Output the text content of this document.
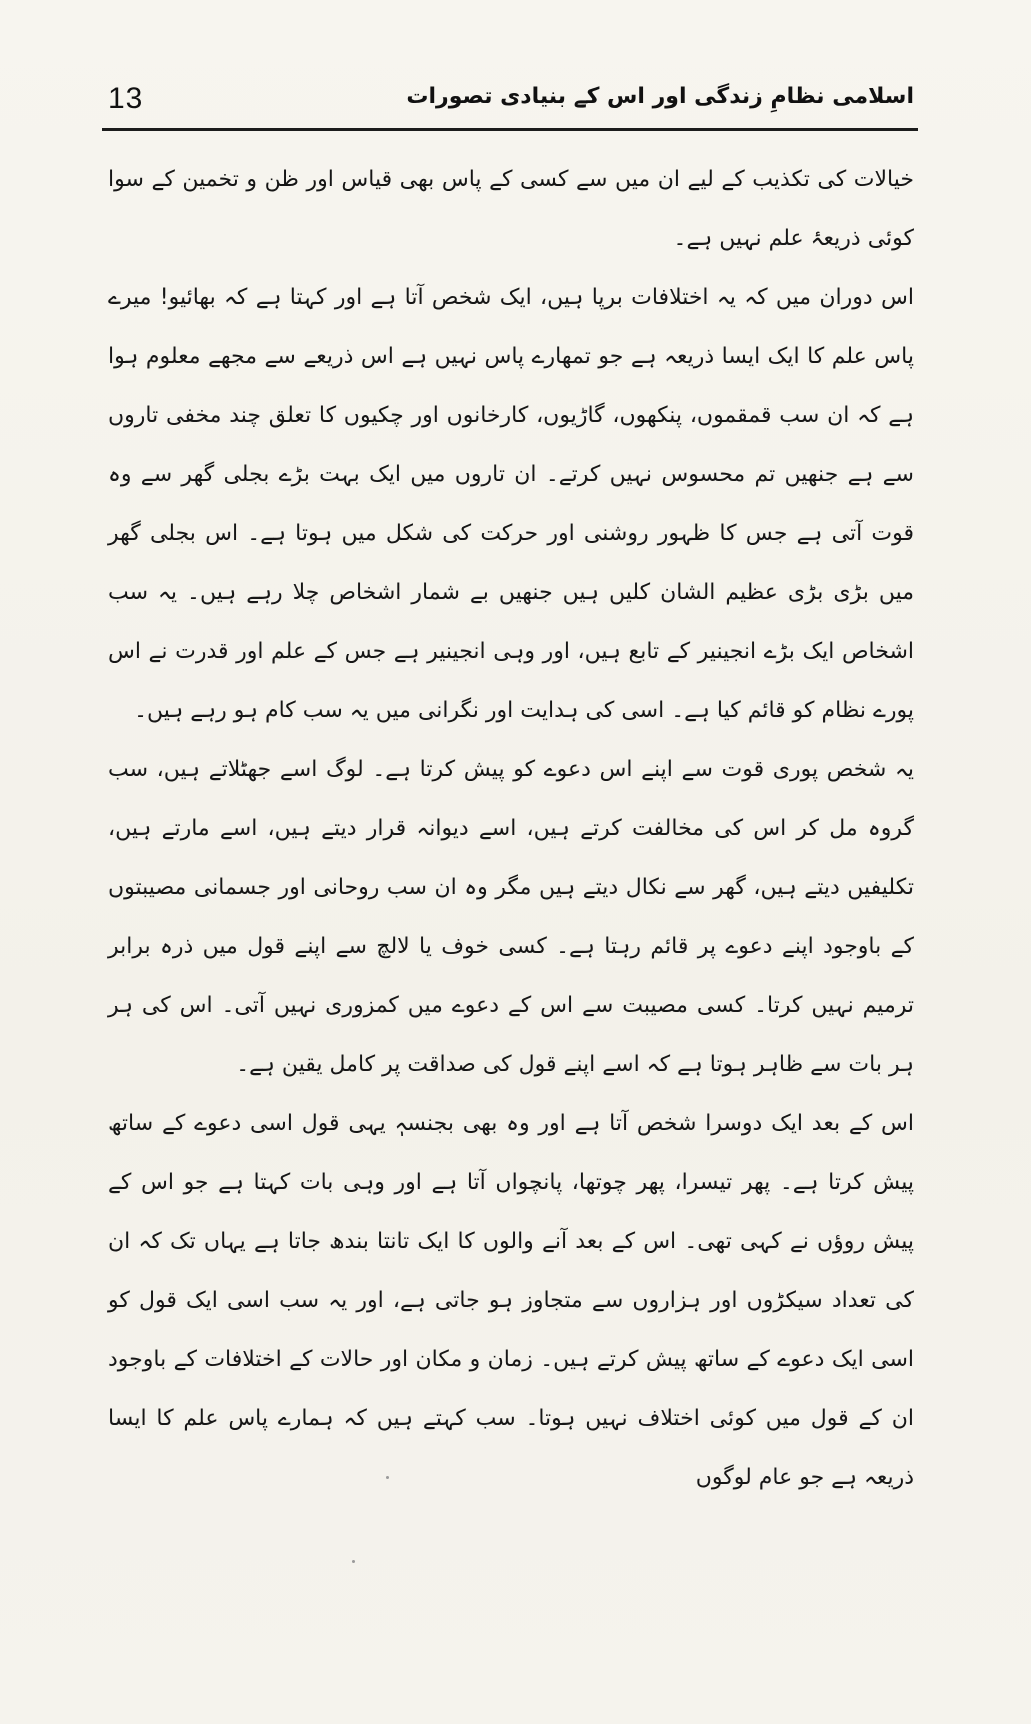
13	اسلامی نظامِ زندگی اور اس کے بنیادی تصورات

خیالات کی تکذیب کے لیے ان میں سے کسی کے پاس بھی قیاس اور ظن و تخمین کے سوا کوئی ذریعۂ علم نہیں ہے۔

اس دوران میں کہ یہ اختلافات برپا ہیں، ایک شخص آتا ہے اور کہتا ہے کہ بھائیو! میرے پاس علم کا ایک ایسا ذریعہ ہے جو تمھارے پاس نہیں ہے اس ذریعے سے مجھے معلوم ہوا ہے کہ ان سب قمقموں، پنکھوں، گاڑیوں، کارخانوں اور چکیوں کا تعلق چند مخفی تاروں سے ہے جنھیں تم محسوس نہیں کرتے۔ ان تاروں میں ایک بہت بڑے بجلی گھر سے وہ قوت آتی ہے جس کا ظہور روشنی اور حرکت کی شکل میں ہوتا ہے۔ اس بجلی گھر میں بڑی بڑی عظیم الشان کلیں ہیں جنھیں بے شمار اشخاص چلا رہے ہیں۔ یہ سب اشخاص ایک بڑے انجینیر کے تابع ہیں، اور وہی انجینیر ہے جس کے علم اور قدرت نے اس پورے نظام کو قائم کیا ہے۔ اسی کی ہدایت اور نگرانی میں یہ سب کام ہو رہے ہیں۔

یہ شخص پوری قوت سے اپنے اس دعوے کو پیش کرتا ہے۔ لوگ اسے جھٹلاتے ہیں، سب گروہ مل کر اس کی مخالفت کرتے ہیں، اسے دیوانہ قرار دیتے ہیں، اسے مارتے ہیں، تکلیفیں دیتے ہیں، گھر سے نکال دیتے ہیں مگر وہ ان سب روحانی اور جسمانی مصیبتوں کے باوجود اپنے دعوے پر قائم رہتا ہے۔ کسی خوف یا لالچ سے اپنے قول میں ذرہ برابر ترمیم نہیں کرتا۔ کسی مصیبت سے اس کے دعوے میں کمزوری نہیں آتی۔ اس کی ہر ہر بات سے ظاہر ہوتا ہے کہ اسے اپنے قول کی صداقت پر کامل یقین ہے۔

اس کے بعد ایک دوسرا شخص آتا ہے اور وہ بھی بجنسہٖ یہی قول اسی دعوے کے ساتھ پیش کرتا ہے۔ پھر تیسرا، پھر چوتھا، پانچواں آتا ہے اور وہی بات کہتا ہے جو اس کے پیش روؤں نے کہی تھی۔ اس کے بعد آنے والوں کا ایک تانتا بندھ جاتا ہے یہاں تک کہ ان کی تعداد سیکڑوں اور ہزاروں سے متجاوز ہو جاتی ہے، اور یہ سب اسی ایک قول کو اسی ایک دعوے کے ساتھ پیش کرتے ہیں۔ زمان و مکان اور حالات کے اختلافات کے باوجود ان کے قول میں کوئی اختلاف نہیں ہوتا۔ سب کہتے ہیں کہ ہمارے پاس علم کا ایسا ذریعہ ہے جو عام لوگوں
